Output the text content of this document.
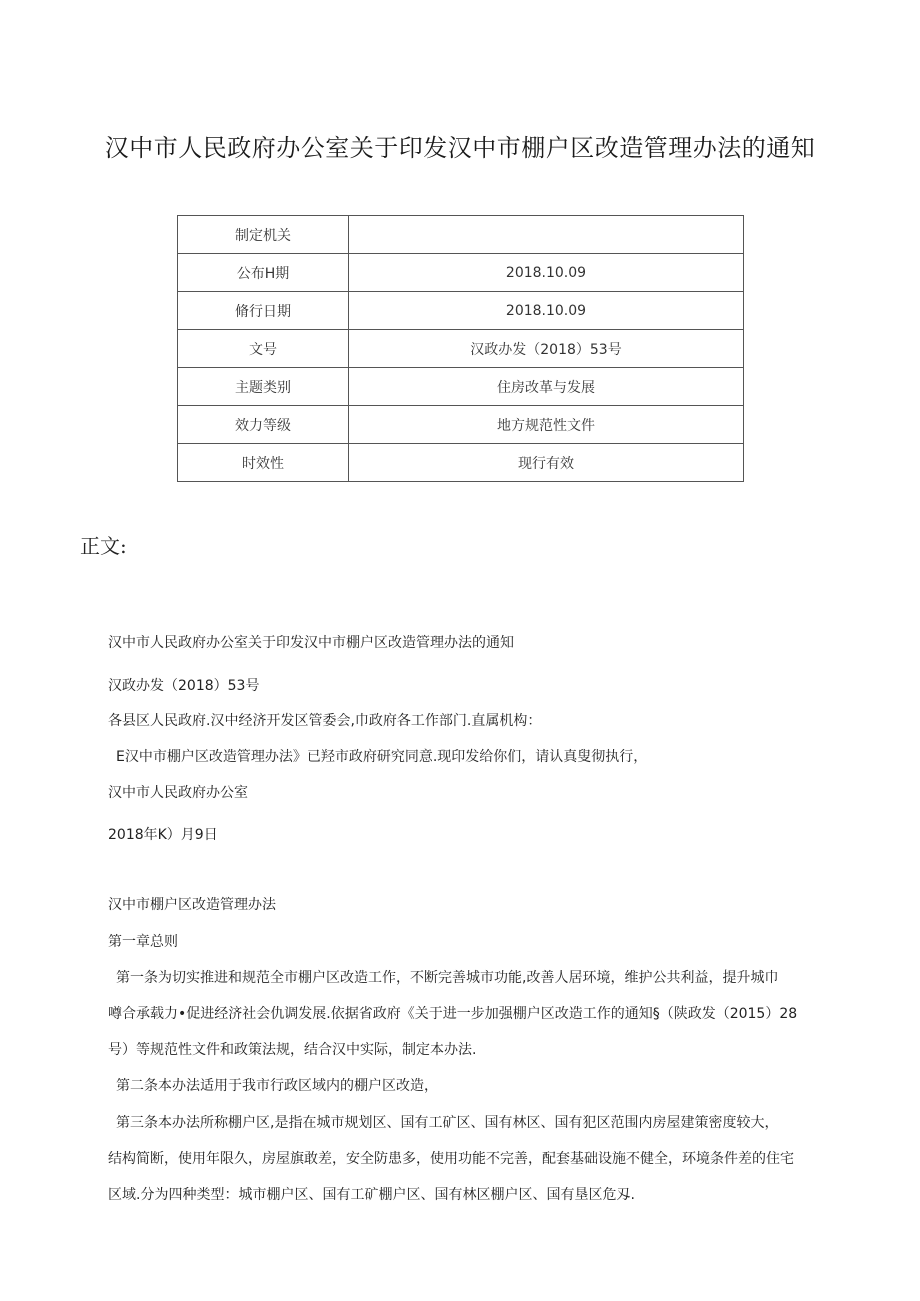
汉中市人民政府办公室关于印发汉中市棚户区改造管理办法的通知
制定机关	
公布H期	2018.10.09
脩行日期	2018.10.09
文号	汉政办发（2018）53号
主题类别	住房改革与发展
效力等级	地方规范性文件
时效性	现行有效
正文:
汉中市人民政府办公室关于印发汉中市棚户区改造管理办法的通知
汉政办发（2018）53号
各县区人民政府.汉中经济开发区管委会,巾政府各工作部门.直属机构：
E汉中市棚户区改造管理办法》已羟市政府研究同意.现印发给你们，请认真叟彻执行，
汉中市人民政府办公室
2018年K）月9日
汉中市棚户区改造管理办法
第一章总则
第一条为切实推进和规范全市棚户区改造工作，不断完善城市功能,改善人居环境，维护公共利益，提升城巾
噂合承载力•促进经济社会仇调发展.依据省政府《关于进一步加强棚户区改造工作的通知§（陕政发（2015）28
号）等规范性文件和政策法规，结合汉中实际，制定本办法.
第二条本办法适用于我市行政区域内的棚户区改造，
第三条本办法所称棚户区,是指在城市规划区、国有工矿区、国有林区、国有犯区范围内房屋建策密度较大，
结构简断，使用年限久，房屋旗敢差，安全防患多，使用功能不完善，配套基础设施不健全，环境条件差的住宅
区域.分为四种类型：城市棚户区、国有工矿棚户区、国有林区棚户区、国有垦区危刄.
